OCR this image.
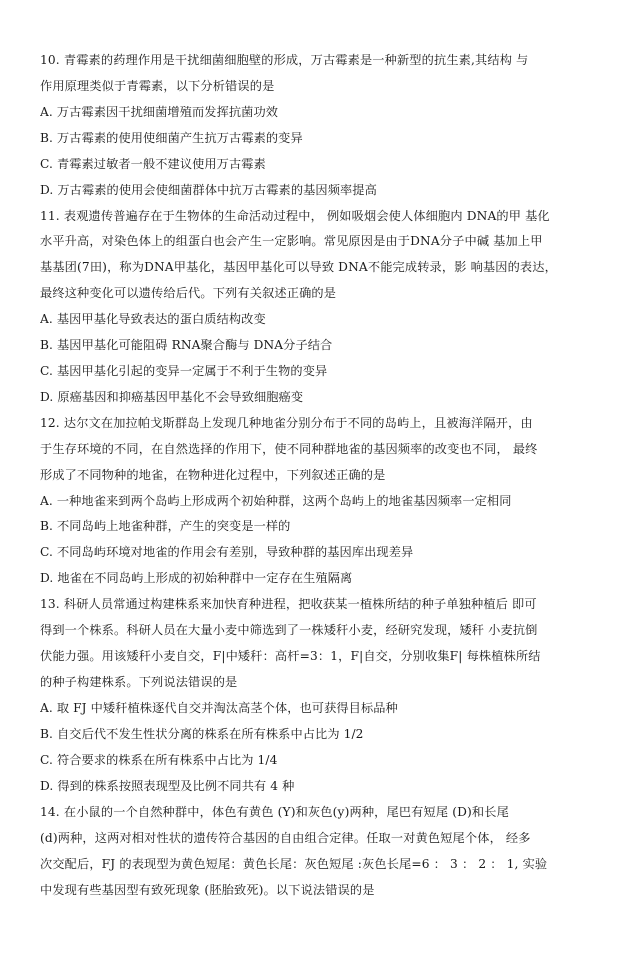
10. 青霉素的药理作用是干扰细菌细胞壁的形成，万古霉素是一种新型的抗生素,其结构 与
作用原理类似于青霉素，以下分析错误的是
A. 万古霉素因干扰细菌增殖而发挥抗菌功效
B. 万古霉素的使用使细菌产生抗万古霉素的变异
C. 青霉素过敏者一般不建议使用万古霉素
D. 万古霉素的使用会使细菌群体中抗万古霉素的基因频率提高
11. 表观遗传普遍存在于生物体的生命活动过程中， 例如吸烟会使人体细胞内 DNA的甲 基化
水平升高，对染色体上的组蛋白也会产生一定影响。常见原因是由于DNA分子中碱 基加上甲
基基团(7田)，称为DNA甲基化，基因甲基化可以导致 DNA不能完成转录，影 响基因的表达，
最终这种变化可以遗传给后代。下列有关叙述正确的是
A. 基因甲基化导致表达的蛋白质结构改变
B. 基因甲基化可能阻碍 RNA聚合酶与 DNA分子结合
C. 基因甲基化引起的变异一定属于不利于生物的变异
D. 原癌基因和抑癌基因甲基化不会导致细胞癌变
12. 达尔文在加拉帕戈斯群岛上发现几种地雀分别分布于不同的岛屿上，且被海洋隔开，由
于生存环境的不同，在自然选择的作用下，使不同种群地雀的基因频率的改变也不同， 最终
形成了不同物种的地雀，在物种进化过程中，下列叙述正确的是
A. 一种地雀来到两个岛屿上形成两个初始种群，这两个岛屿上的地雀基因频率一定相同
B. 不同岛屿上地雀种群，产生的突变是一样的
C. 不同岛屿环境对地雀的作用会有差别，导致种群的基因库出现差异
D. 地雀在不同岛屿上形成的初始种群中一定存在生殖隔离
13. 科研人员常通过构建株系来加快育种进程，把收获某一植株所结的种子单独种植后 即可
得到一个株系。科研人员在大量小麦中筛选到了一株矮秆小麦，经研究发现，矮秆 小麦抗倒
伏能力强。用该矮秆小麦自交，F|中矮秆：高杆=3：1，F|自交，分别收集F| 每株植株所结
的种子构建株系。下列说法错误的是
A. 取 FJ 中矮秆植株逐代自交并淘汰高茎个体，也可获得目标品种
B. 自交后代不发生性状分离的株系在所有株系中占比为 1/2
C. 符合要求的株系在所有株系中占比为 1/4
D. 得到的株系按照表现型及比例不同共有 4 种
14. 在小鼠的一个自然种群中，体色有黄色 (Y)和灰色(y)两种，尾巴有短尾 (D)和长尾
(d)两种，这两对相对性状的遗传符合基因的自由组合定律。任取一对黄色短尾个体， 经多
次交配后，FJ 的表现型为黄色短尾：黄色长尾：灰色短尾 :灰色长尾=6 ： 3 ： 2 ： 1, 实验
中发现有些基因型有致死现象 (胚胎致死)。以下说法错误的是
